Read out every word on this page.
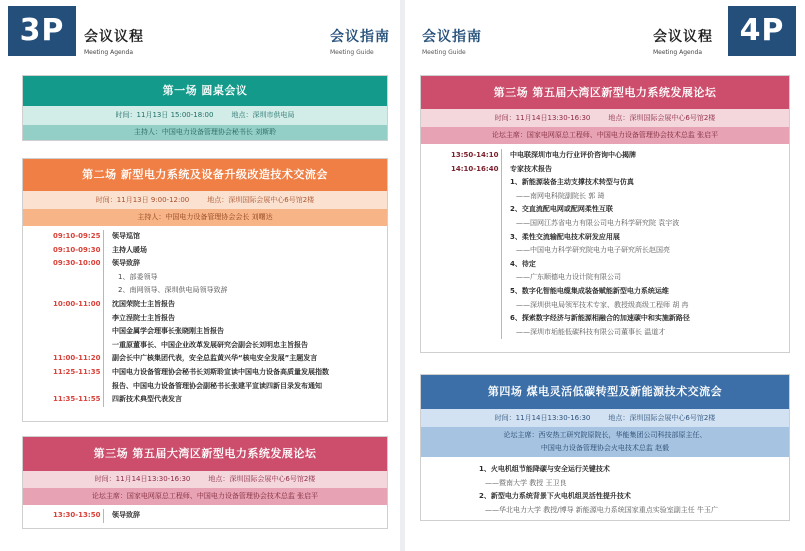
3P	会议议程
Meeting Agenda
会议指南
Meeting Guide
第一场 圆桌会议
时间：11月13日 15:00-18:00	地点：深圳市供电局
主持人：中国电力设备管理协会秘书长 刘斯聆
第二场 新型电力系统及设备升级改造技术交流会
时间：11月13日 9:00-12:00	地点：深圳国际会展中心6号馆2楼
主持人：中国电力设备管理协会会长 刘曙达
09:10-09:25	领导巡馆
09:10-09:30	主持人暖场
09:30-10:00	领导致辞
1、部委领导
2、南网领导、深圳供电局领导致辞
10:00-11:00	沈国荣院士主旨报告
李立浧院士主旨报告
中国金属学会理事长张晓刚主旨报告
一重原董事长、中国企业改革发展研究会副会长刘明忠主旨报告
11:00-11:20	副会长中广核集团代表，安全总监黄兴华“核电安全发展”主题发言
11:25-11:35	中国电力设备管理协会秘书长刘斯聆宣读中国电力设备高质量发展指数
报告、中国电力设备管理协会副秘书长张建平宣读四新目录发布通知
11:35-11:55	四新技术典型代表发言
第三场 第五届大湾区新型电力系统发展论坛
时间：11月14日13:30-16:30	地点：深圳国际会展中心6号馆2楼
论坛主席：国家电网原总工程师、中国电力设备管理协会技术总监 张启平
13:30-13:50	领导致辞
会议指南
Meeting Guide
会议议程
Meeting Agenda
4P
第三场 第五届大湾区新型电力系统发展论坛
时间：11月14日13:30-16:30	地点：深圳国际会展中心6号馆2楼
论坛主席：国家电网原总工程师、中国电力设备管理协会技术总监 张启平
13:50-14:10	中电联深圳市电力行业评价咨询中心揭牌
14:10-16:40	专家技术报告
1、新能源装备主动支撑技术转型与仿真
——南网电科院副院长 郭 琦
2、交直流配电网或配网柔性互联
——国网江苏省电力有限公司电力科学研究院 袁宇波
3、柔性交流输配电技术研发应用展
——中国电力科学研究院电力电子研究所长赵国亮
4、待定
——广东顺德电力设计院有限公司
5、数字化智能电缆集成装备赋能新型电力系统运维
——深圳供电局领军技术专家、教授级高级工程师 胡 冉
6、探索数字经济与新能源相融合的加速碳中和实施新路径
——深圳市垢能低碳科技有限公司董事长 温道才
第四场 煤电灵活低碳转型及新能源技术交流会
时间：11月14日13:30-16:30	地点：深圳国际会展中心6号馆2楼
论坛主席：西安热工研究院原院长，华能集团公司科技部原主任、
中国电力设备管理协会火电技术总监 赵毅
1、火电机组节能降碳与安全运行关键技术
——暨南大学 教授 王卫良
2、新型电力系统背景下火电机组灵活性提升技术
——华北电力大学 教授/博导 新能源电力系统国家重点实验室副主任 牛玉广
